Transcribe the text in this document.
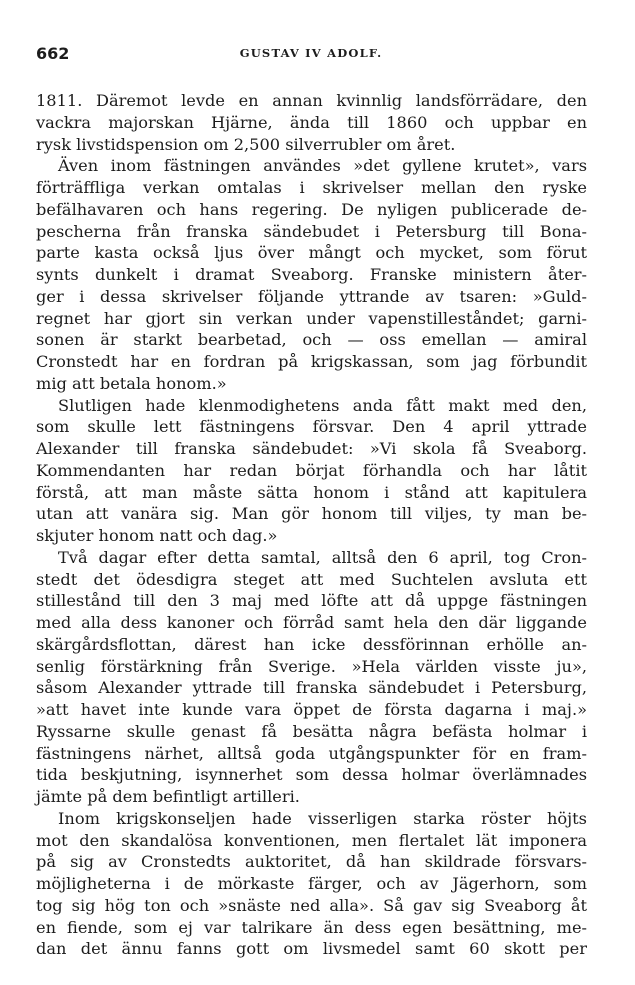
662	GUSTAV IV ADOLF.
1811. Däremot levde en annan kvinnlig landsförrädare, den
vackra majorskan Hjärne, ända till 1860 och uppbar en
rysk livstidspension om 2,500 silverrubler om året.
Även inom fästningen användes »det gyllene krutet», vars
förträffliga verkan omtalas i skrivelser mellan den ryske
befälhavaren och hans regering. De nyligen publicerade de-
pescherna från franska sändebudet i Petersburg till Bona-
parte kasta också ljus över mångt och mycket, som förut
synts dunkelt i dramat Sveaborg. Franske ministern åter-
ger i dessa skrivelser följande yttrande av tsaren: »Guld-
regnet har gjort sin verkan under vapenstilleståndet; garni-
sonen är starkt bearbetad, och — oss emellan — amiral
Cronstedt har en fordran på krigskassan, som jag förbundit
mig att betala honom.»
Slutligen hade klenmodighetens anda fått makt med den,
som skulle lett fästningens försvar. Den 4 april yttrade
Alexander till franska sändebudet: »Vi skola få Sveaborg.
Kommendanten har redan börjat förhandla och har låtit
förstå, att man måste sätta honom i stånd att kapitulera
utan att vanära sig. Man gör honom till viljes, ty man be-
skjuter honom natt och dag.»
Två dagar efter detta samtal, alltså den 6 april, tog Cron-
stedt det ödesdigra steget att med Suchtelen avsluta ett
stillestånd till den 3 maj med löfte att då uppge fästningen
med alla dess kanoner och förråd samt hela den där liggande
skärgårdsflottan, därest han icke dessförinnan erhölle an-
senlig förstärkning från Sverige. »Hela världen visste ju»,
såsom Alexander yttrade till franska sändebudet i Petersburg,
»att havet inte kunde vara öppet de första dagarna i maj.»
Ryssarne skulle genast få besätta några befästa holmar i
fästningens närhet, alltså goda utgångspunkter för en fram-
tida beskjutning, isynnerhet som dessa holmar överlämnades
jämte på dem befintligt artilleri.
Inom krigskonseljen hade visserligen starka röster höjts
mot den skandalösa konventionen, men flertalet lät imponera
på sig av Cronstedts auktoritet, då han skildrade försvars-
möjligheterna i de mörkaste färger, och av Jägerhorn, som
tog sig hög ton och »snäste ned alla». Så gav sig Sveaborg åt
en fiende, som ej var talrikare än dess egen besättning, me-
dan det ännu fanns gott om livsmedel samt 60 skott per
